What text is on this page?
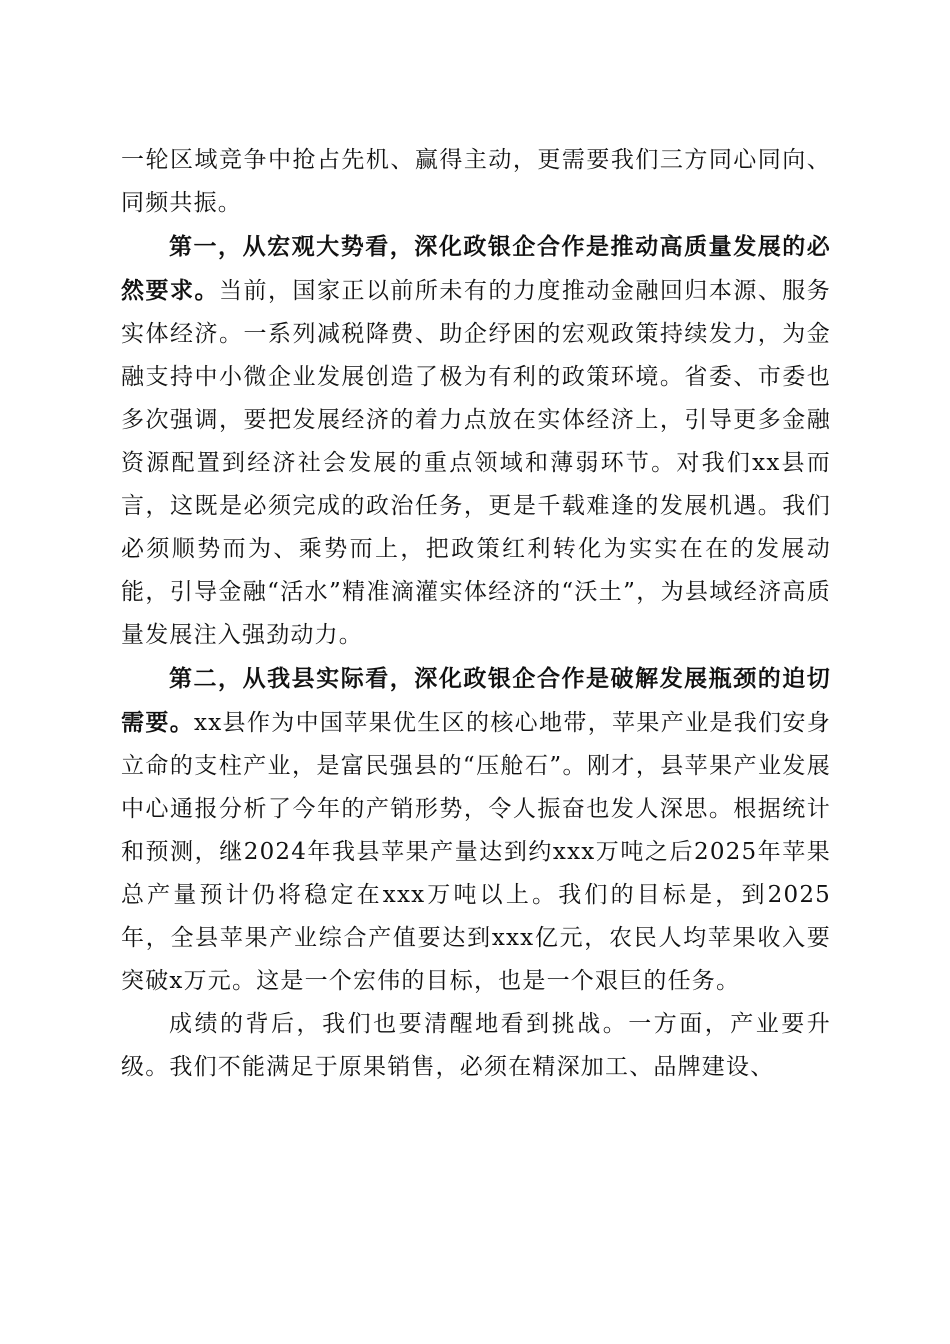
一轮区域竞争中抢占先机、赢得主动，更需要我们三方同心同向、同频共振。

第一，从宏观大势看，深化政银企合作是推动高质量发展的必然要求。当前，国家正以前所未有的力度推动金融回归本源、服务实体经济。一系列减税降费、助企纾困的宏观政策持续发力，为金融支持中小微企业发展创造了极为有利的政策环境。省委、市委也多次强调，要把发展经济的着力点放在实体经济上，引导更多金融资源配置到经济社会发展的重点领域和薄弱环节。对我们xx县而言，这既是必须完成的政治任务，更是千载难逢的发展机遇。我们必须顺势而为、乘势而上，把政策红利转化为实实在在的发展动能，引导金融“活水”精准滴灌实体经济的“沃土”，为县域经济高质量发展注入强劲动力。

第二，从我县实际看，深化政银企合作是破解发展瓶颈的迫切需要。xx县作为中国苹果优生区的核心地带，苹果产业是我们安身立命的支柱产业，是富民强县的“压舱石”。刚才，县苹果产业发展中心通报分析了今年的产销形势，令人振奋也发人深思。根据统计和预测，继2024年我县苹果产量达到约xxx万吨之后2025年苹果总产量预计仍将稳定在xxx万吨以上。我们的目标是，到2025年，全县苹果产业综合产值要达到xxx亿元，农民人均苹果收入要突破x万元。这是一个宏伟的目标，也是一个艰巨的任务。

成绩的背后，我们也要清醒地看到挑战。一方面，产业要升级。我们不能满足于原果销售，必须在精深加工、品牌建设、
